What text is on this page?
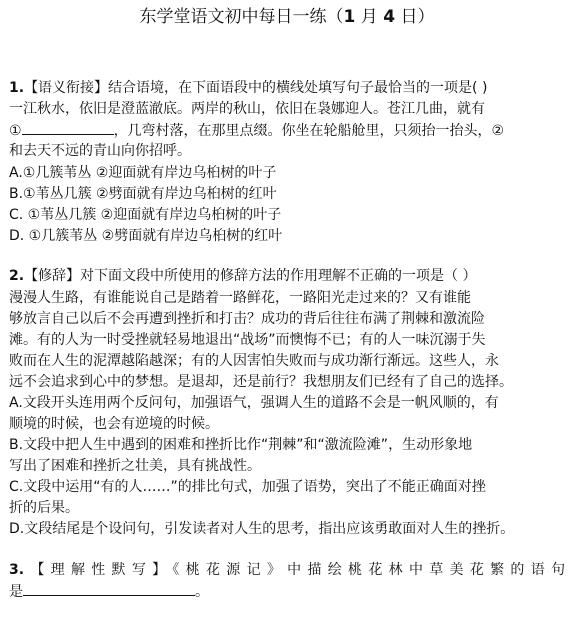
东学堂语文初中每日一练（1 月 4 日）
1.【语义衔接】结合语境，在下面语段中的横线处填写句子最恰当的一项是( )
一江秋水，依旧是澄蓝澈底。两岸的秋山，依旧在袅娜迎人。苍江几曲，就有
①	，几弯村落，在那里点缀。你坐在轮船舱里，只须抬一抬头，②
和去天不远的青山向你招呼。
A.①几簇苇丛 ②迎面就有岸边乌桕树的叶子
B.①苇丛几簇 ②劈面就有岸边乌桕树的红叶
C. ①苇丛几簇 ②迎面就有岸边乌桕树的叶子
D. ①几簇苇丛 ②劈面就有岸边乌桕树的红叶
2.【修辞】对下面文段中所使用的修辞方法的作用理解不正确的一项是（ ）
漫漫人生路，有谁能说自己是踏着一路鲜花，一路阳光走过来的？又有谁能
够放言自己以后不会再遭到挫折和打击？成功的背后往往布满了荆棘和激流险
滩。有的人为一时受挫就轻易地退出“战场”而懊悔不已；有的人一味沉溺于失
败而在人生的泥潭越陷越深；有的人因害怕失败而与成功渐行渐远。这些人，永
远不会追求到心中的梦想。是退却，还是前行？我想朋友们已经有了自己的选择。
A.文段开头连用两个反问句，加强语气，强调人生的道路不会是一帆风顺的，有
顺境的时候，也会有逆境的时候。
B.文段中把人生中遇到的困难和挫折比作“荆棘”和“激流险滩”，生动形象地
写出了困难和挫折之壮美，具有挑战性。
C.文段中运用“有的人……”的排比句式，加强了语势，突出了不能正确面对挫
折的后果。
D.文段结尾是个设问句，引发读者对人生的思考，指出应该勇敢面对人生的挫折。
3.【理解性默写】《桃花源记》中描绘桃花林中草美花繁的语句
是	。
